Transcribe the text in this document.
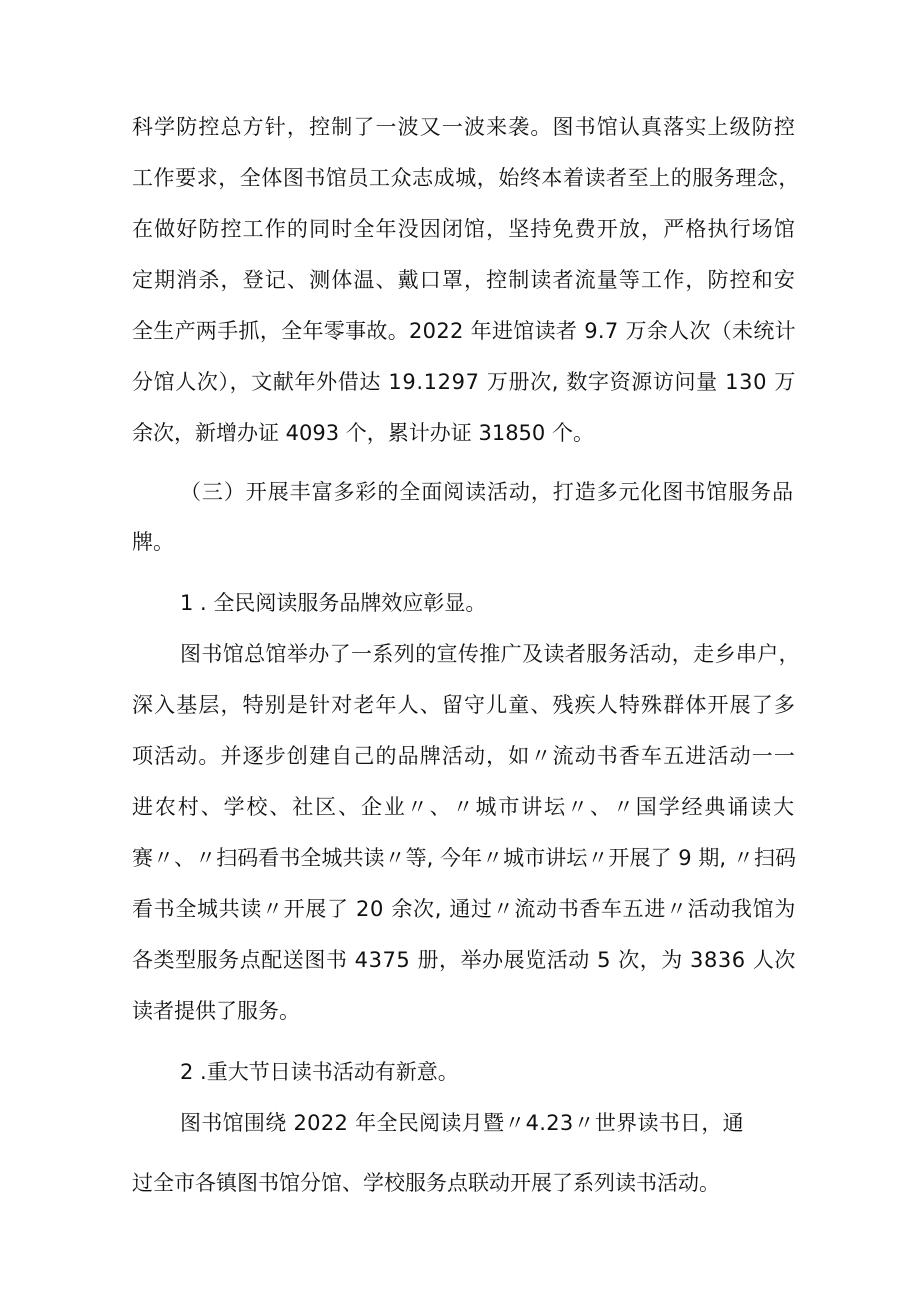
科学防控总方针，控制了一波又一波来袭。图书馆认真落实上级防控
工作要求，全体图书馆员工众志成城，始终本着读者至上的服务理念，
在做好防控工作的同时全年没因闭馆，坚持免费开放，严格执行场馆
定期消杀，登记、测体温、戴口罩，控制读者流量等工作，防控和安
全生产两手抓，全年零事故。2022 年进馆读者 9.7 万余人次（未统计
分馆人次），文献年外借达 19.1297 万册次, 数字资源访问量 130 万
余次，新增办证 4093 个，累计办证 31850 个。
（三）开展丰富多彩的全面阅读活动，打造多元化图书馆服务品
牌。
1 . 全民阅读服务品牌效应彰显。
图书馆总馆举办了一系列的宣传推广及读者服务活动，走乡串户，
深入基层，特别是针对老年人、留守儿童、残疾人特殊群体开展了多
项活动。并逐步创建自己的品牌活动，如〃流动书香车五进活动一一
进农村、学校、社区、企业〃、〃城市讲坛〃、〃国学经典诵读大
赛〃、〃扫码看书全城共读〃等, 今年〃城市讲坛〃开展了 9 期, 〃扫码
看书全城共读〃开展了 20 余次, 通过〃流动书香车五进〃活动我馆为
各类型服务点配送图书 4375 册，举办展览活动 5 次，为 3836 人次
读者提供了服务。
2 .重大节日读书活动有新意。
图书馆围绕 2022 年全民阅读月暨〃4.23〃世界读书日，通
过全市各镇图书馆分馆、学校服务点联动开展了系列读书活动。
